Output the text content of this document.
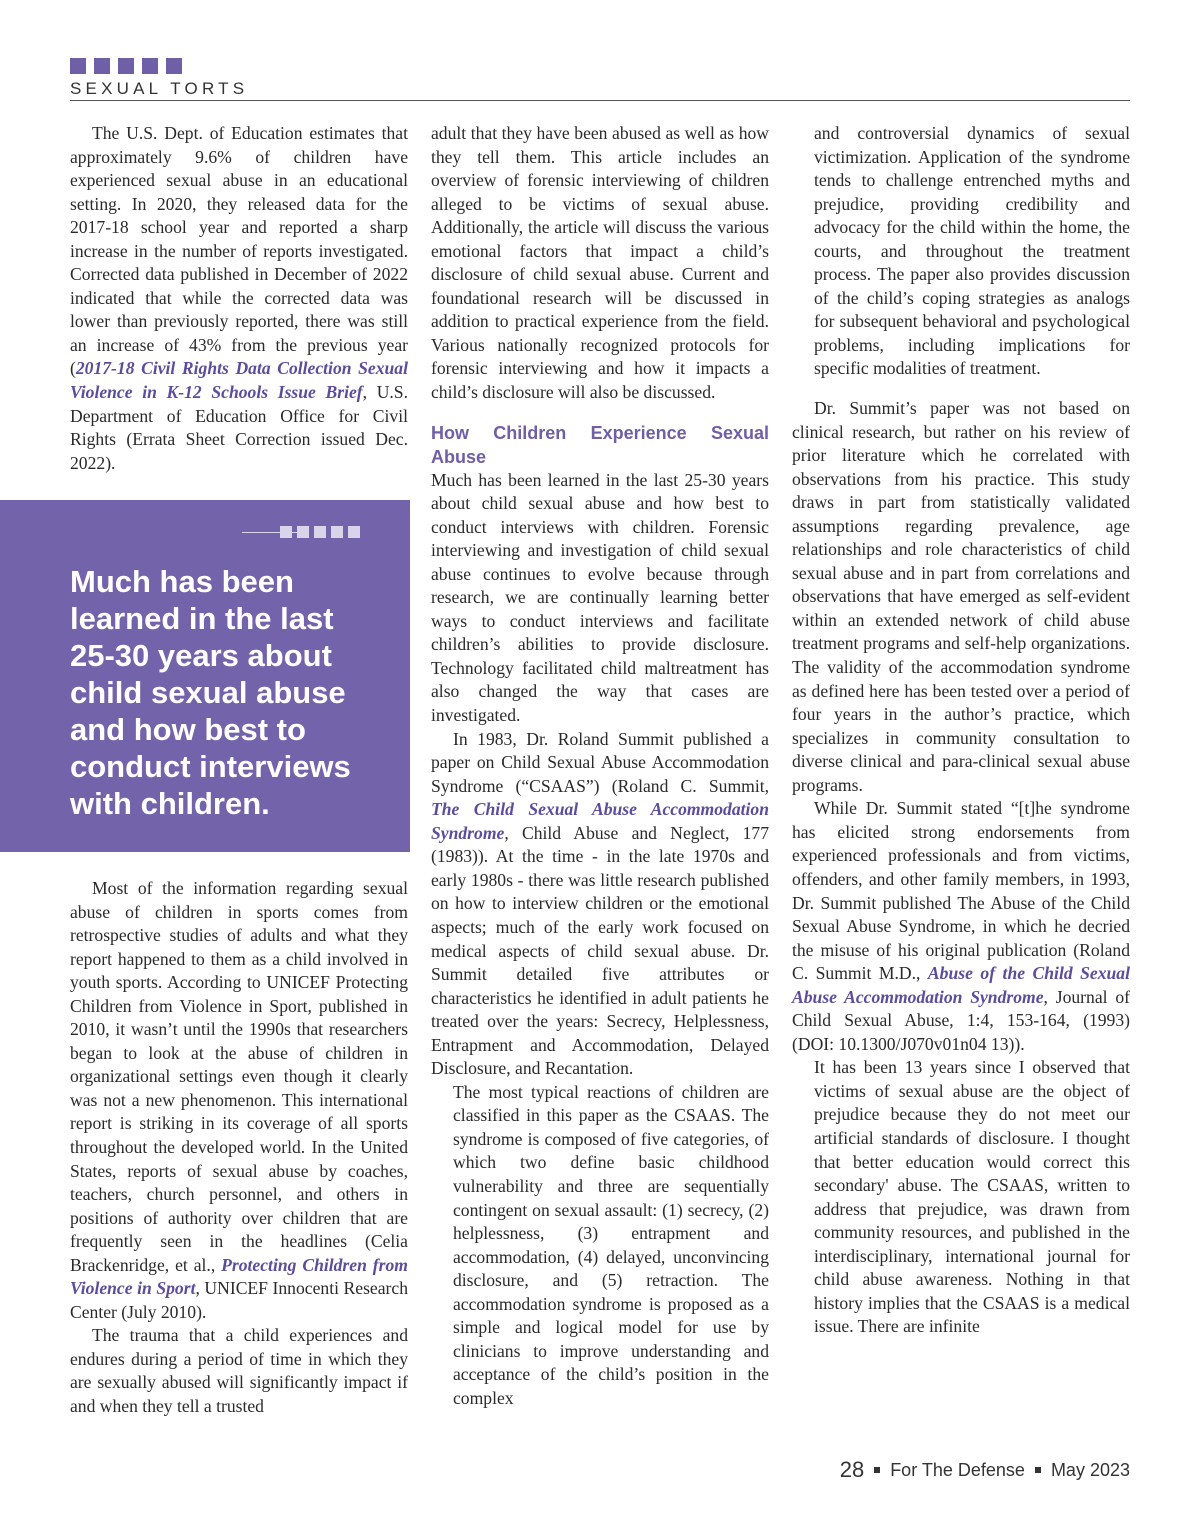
SEXUAL TORTS

The U.S. Dept. of Education estimates that approximately 9.6% of children have experienced sexual abuse in an educational setting. In 2020, they released data for the 2017-18 school year and reported a sharp increase in the number of reports investigated. Corrected data published in December of 2022 indicated that while the corrected data was lower than previously reported, there was still an increase of 43% from the previous year (2017-18 Civil Rights Data Collection Sexual Violence in K-12 Schools Issue Brief, U.S. Department of Education Office for Civil Rights (Errata Sheet Correction issued Dec. 2022).

Much has been learned in the last 25-30 years about child sexual abuse and how best to conduct interviews with children.

Most of the information regarding sexual abuse of children in sports comes from retrospective studies of adults and what they report happened to them as a child involved in youth sports. According to UNICEF Protecting Children from Violence in Sport, published in 2010, it wasn’t until the 1990s that researchers began to look at the abuse of children in organizational settings even though it clearly was not a new phenomenon. This international report is striking in its coverage of all sports throughout the developed world. In the United States, reports of sexual abuse by coaches, teachers, church personnel, and others in positions of authority over children that are frequently seen in the headlines (Celia Brackenridge, et al., Protecting Children from Violence in Sport, UNICEF Innocenti Research Center (July 2010).

The trauma that a child experiences and endures during a period of time in which they are sexually abused will significantly impact if and when they tell a trusted

adult that they have been abused as well as how they tell them. This article includes an overview of forensic interviewing of children alleged to be victims of sexual abuse. Additionally, the article will discuss the various emotional factors that impact a child’s disclosure of child sexual abuse. Current and foundational research will be discussed in addition to practical experience from the field. Various nationally recognized protocols for forensic interviewing and how it impacts a child’s disclosure will also be discussed.

How Children Experience Sexual Abuse

Much has been learned in the last 25-30 years about child sexual abuse and how best to conduct interviews with children. Forensic interviewing and investigation of child sexual abuse continues to evolve because through research, we are continually learning better ways to conduct interviews and facilitate children’s abilities to provide disclosure. Technology facilitated child maltreatment has also changed the way that cases are investigated.

In 1983, Dr. Roland Summit published a paper on Child Sexual Abuse Accommodation Syndrome (“CSAAS”) (Roland C. Summit, The Child Sexual Abuse Accommodation Syndrome, Child Abuse and Neglect, 177 (1983)). At the time - in the late 1970s and early 1980s - there was little research published on how to interview children or the emotional aspects; much of the early work focused on medical aspects of child sexual abuse. Dr. Summit detailed five attributes or characteristics he identified in adult patients he treated over the years: Secrecy, Helplessness, Entrapment and Accommodation, Delayed Disclosure, and Recantation.

The most typical reactions of children are classified in this paper as the CSAAS. The syndrome is composed of five categories, of which two define basic childhood vulnerability and three are sequentially contingent on sexual assault: (1) secrecy, (2) helplessness, (3) entrapment and accommodation, (4) delayed, unconvincing disclosure, and (5) retraction. The accommodation syndrome is proposed as a simple and logical model for use by clinicians to improve understanding and acceptance of the child’s position in the complex

and controversial dynamics of sexual victimization. Application of the syndrome tends to challenge entrenched myths and prejudice, providing credibility and advocacy for the child within the home, the courts, and throughout the treatment process. The paper also provides discussion of the child’s coping strategies as analogs for subsequent behavioral and psychological problems, including implications for specific modalities of treatment.

Dr. Summit’s paper was not based on clinical research, but rather on his review of prior literature which he correlated with observations from his practice. This study draws in part from statistically validated assumptions regarding prevalence, age relationships and role characteristics of child sexual abuse and in part from correlations and observations that have emerged as self-evident within an extended network of child abuse treatment programs and self-help organizations. The validity of the accommodation syndrome as defined here has been tested over a period of four years in the author’s practice, which specializes in community consultation to diverse clinical and para-clinical sexual abuse programs.

While Dr. Summit stated “[t]he syndrome has elicited strong endorsements from experienced professionals and from victims, offenders, and other family members, in 1993, Dr. Summit published The Abuse of the Child Sexual Abuse Syndrome, in which he decried the misuse of his original publication (Roland C. Summit M.D., Abuse of the Child Sexual Abuse Accommodation Syndrome, Journal of Child Sexual Abuse, 1:4, 153-164, (1993) (DOI: 10.1300/J070v01n04 13)).

It has been 13 years since I observed that victims of sexual abuse are the object of prejudice because they do not meet our artificial standards of disclosure. I thought that better education would correct this secondary' abuse. The CSAAS, written to address that prejudice, was drawn from community resources, and published in the interdisciplinary, international journal for child abuse awareness. Nothing in that history implies that the CSAAS is a medical issue. There are infinite

28 For The Defense May 2023
